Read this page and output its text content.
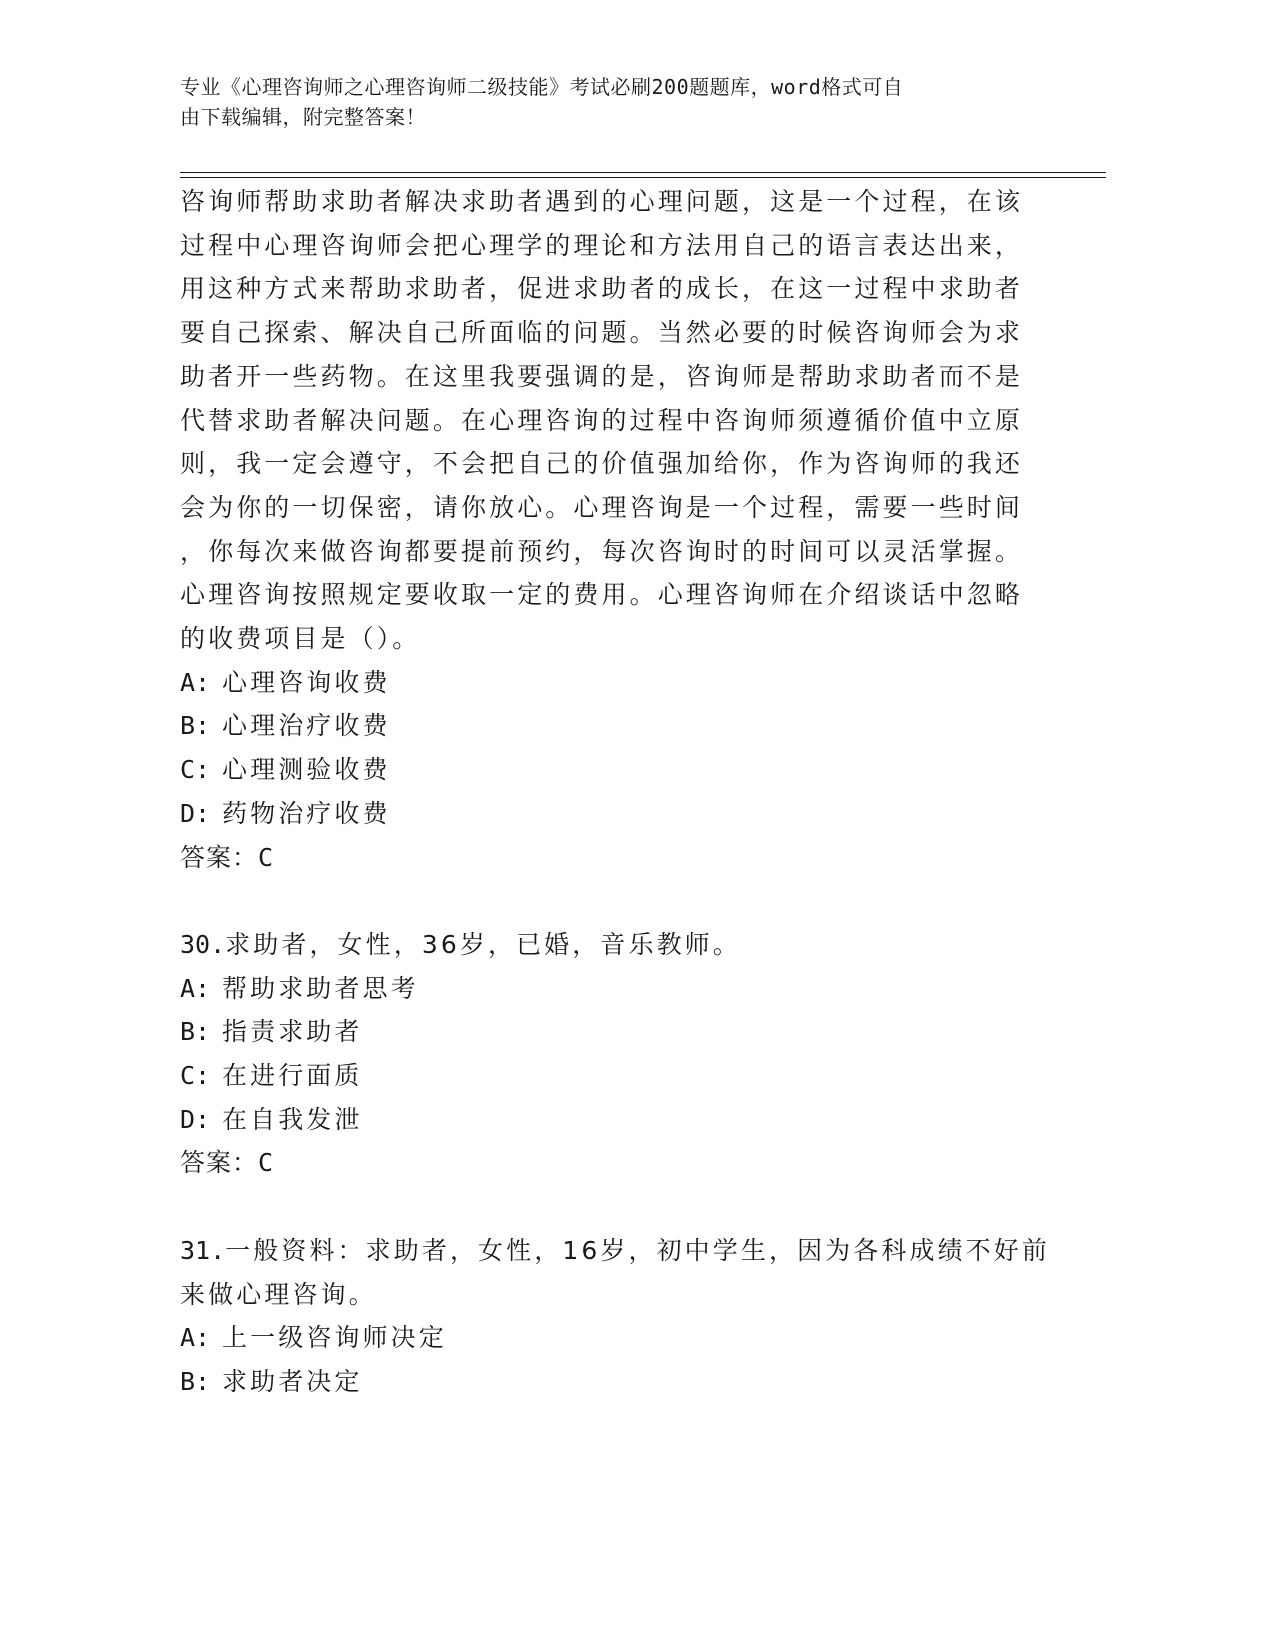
专业《心理咨询师之心理咨询师二级技能》考试必刷200题题库，word格式可自
由下载编辑，附完整答案！
咨询师帮助求助者解决求助者遇到的心理问题，这是一个过程，在该
过程中心理咨询师会把心理学的理论和方法用自己的语言表达出来，
用这种方式来帮助求助者，促进求助者的成长，在这一过程中求助者
要自己探索、解决自己所面临的问题。当然必要的时候咨询师会为求
助者开一些药物。在这里我要强调的是，咨询师是帮助求助者而不是
代替求助者解决问题。在心理咨询的过程中咨询师须遵循价值中立原
则，我一定会遵守，不会把自己的价值强加给你，作为咨询师的我还
会为你的一切保密，请你放心。心理咨询是一个过程，需要一些时间
，你每次来做咨询都要提前预约，每次咨询时的时间可以灵活掌握。
心理咨询按照规定要收取一定的费用。心理咨询师在介绍谈话中忽略
的收费项目是（）。
A: 心理咨询收费
B: 心理治疗收费
C: 心理测验收费
D: 药物治疗收费
答案：C
30.求助者，女性，36岁，已婚，音乐教师。
A: 帮助求助者思考
B: 指责求助者
C: 在进行面质
D: 在自我发泄
答案：C
31.一般资料：求助者，女性，16岁，初中学生，因为各科成绩不好前
来做心理咨询。
A: 上一级咨询师决定
B: 求助者决定
